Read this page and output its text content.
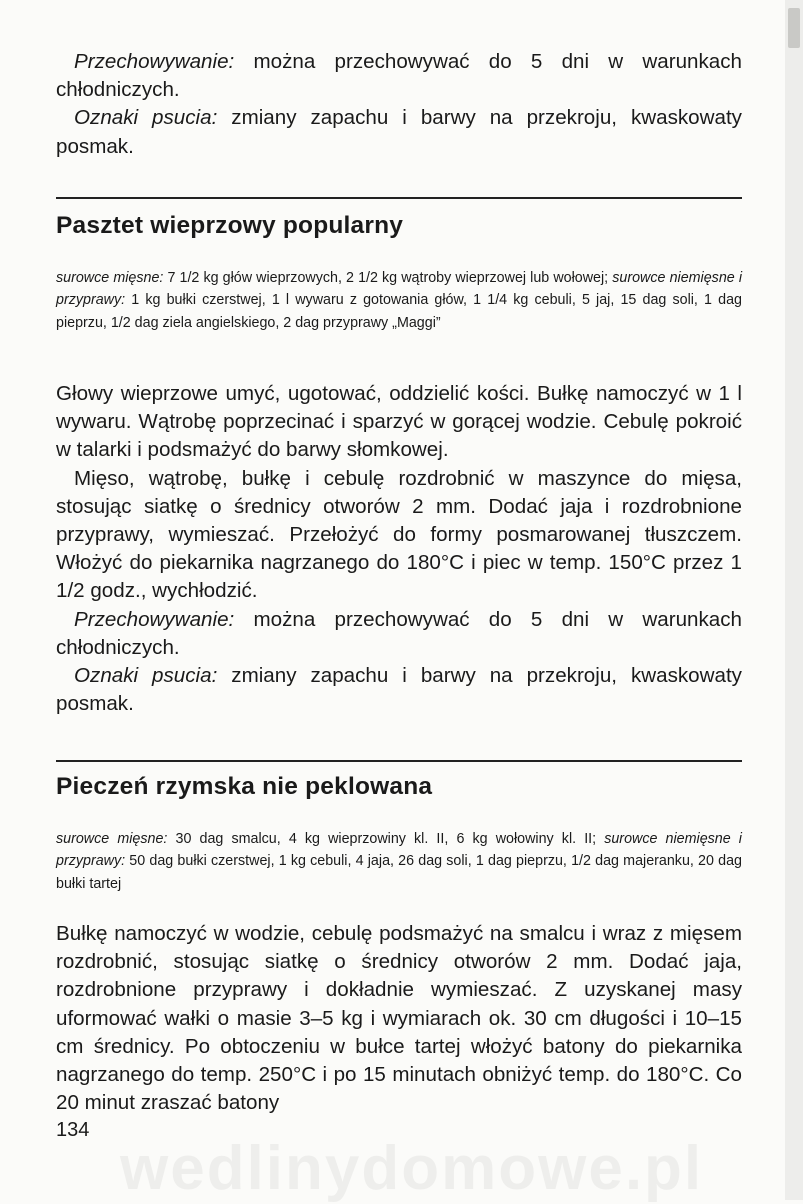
Przechowywanie: można przechowywać do 5 dni w warunkach chłodniczych.

Oznaki psucia: zmiany zapachu i barwy na przekroju, kwaskowaty posmak.

Pasztet wieprzowy popularny

surowce mięsne: 7 1/2 kg głów wieprzowych, 2 1/2 kg wątroby wieprzowej lub wołowej; surowce niemięsne i przyprawy: 1 kg bułki czerstwej, 1 l wywaru z gotowania głów, 1 1/4 kg cebuli, 5 jaj, 15 dag soli, 1 dag pieprzu, 1/2 dag ziela angielskiego, 2 dag przyprawy „Maggi”

Głowy wieprzowe umyć, ugotować, oddzielić kości. Bułkę namoczyć w 1 l wywaru. Wątrobę poprzecinać i sparzyć w gorącej wodzie. Cebulę pokroić w talarki i podsmażyć do barwy słomkowej.

Mięso, wątrobę, bułkę i cebulę rozdrobnić w maszynce do mięsa, stosując siatkę o średnicy otworów 2 mm. Dodać jaja i rozdrobnione przyprawy, wymieszać. Przełożyć do formy posmarowanej tłuszczem. Włożyć do piekarnika nagrzanego do 180°C i piec w temp. 150°C przez 1 1/2 godz., wychłodzić.

Przechowywanie: można przechowywać do 5 dni w warunkach chłodniczych.

Oznaki psucia: zmiany zapachu i barwy na przekroju, kwaskowaty posmak.

Pieczeń rzymska nie peklowana

surowce mięsne: 30 dag smalcu, 4 kg wieprzowiny kl. II, 6 kg wołowiny kl. II; surowce niemięsne i przyprawy: 50 dag bułki czerstwej, 1 kg cebuli, 4 jaja, 26 dag soli, 1 dag pieprzu, 1/2 dag majeranku, 20 dag bułki tartej

Bułkę namoczyć w wodzie, cebulę podsmażyć na smalcu i wraz z mięsem rozdrobnić, stosując siatkę o średnicy otworów 2 mm. Dodać jaja, rozdrobnione przyprawy i dokładnie wymieszać. Z uzyskanej masy uformować wałki o masie 3–5 kg i wymiarach ok. 30 cm długości i 10–15 cm średnicy. Po obtoczeniu w bułce tartej włożyć batony do piekarnika nagrzanego do temp. 250°C i po 15 minutach obniżyć temp. do 180°C. Co 20 minut zraszać batony

wedlinydomowe.pl
134
